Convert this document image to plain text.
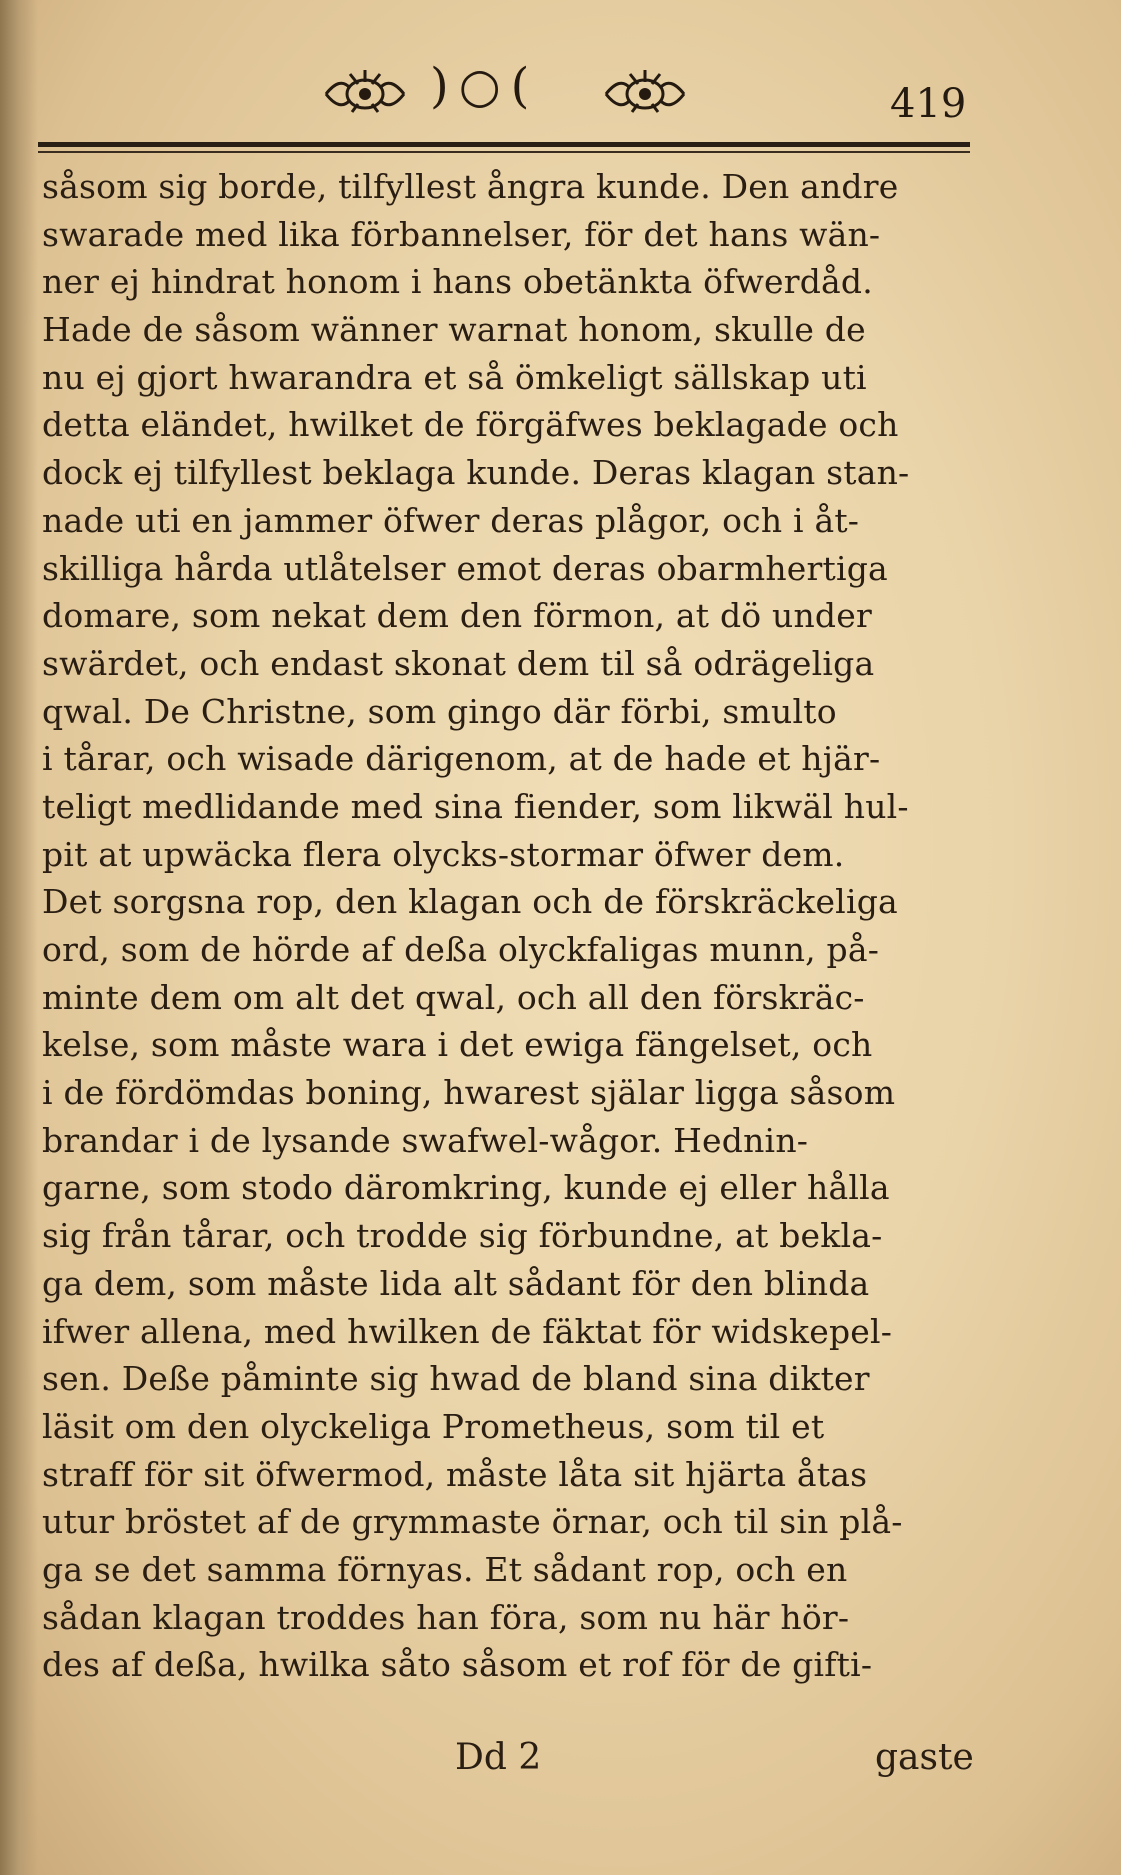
)○(	419
såsom sig borde, tilfyllest ångra kunde. Den andre
swarade med lika förbannelser, för det hans wän-
ner ej hindrat honom i hans obetänkta öfwerdåd.
Hade de såsom wänner warnat honom, skulle de
nu ej gjort hwarandra et så ömkeligt sällskap uti
detta eländet, hwilket de förgäfwes beklagade och
dock ej tilfyllest beklaga kunde. Deras klagan stan-
nade uti en jammer öfwer deras plågor, och i åt-
skilliga hårda utlåtelser emot deras obarmhertiga
domare, som nekat dem den förmon, at dö under
swärdet, och endast skonat dem til så odrägeliga
qwal. De Christne, som gingo där förbi, smulto
i tårar, och wisade därigenom, at de hade et hjär-
teligt medlidande med sina fiender, som likwäl hul-
pit at upwäcka flera olycks-stormar öfwer dem.
Det sorgsna rop, den klagan och de förskräckeliga
ord, som de hörde af deßa olyckfaligas munn, på-
minte dem om alt det qwal, och all den förskräc-
kelse, som måste wara i det ewiga fängelset, och
i de fördömdas boning, hwarest själar ligga såsom
brandar i de lysande swafwel-wågor. Hednin-
garne, som stodo däromkring, kunde ej eller hålla
sig från tårar, och trodde sig förbundne, at bekla-
ga dem, som måste lida alt sådant för den blinda
ifwer allena, med hwilken de fäktat för widskepel-
sen. Deße påminte sig hwad de bland sina dikter
läsit om den olyckeliga Prometheus, som til et
straff för sit öfwermod, måste låta sit hjärta åtas
utur bröstet af de grymmaste örnar, och til sin plå-
ga se det samma förnyas. Et sådant rop, och en
sådan klagan troddes han föra, som nu här hör-
des af deßa, hwilka såto såsom et rof för de gifti-
Dd 2	gaste
